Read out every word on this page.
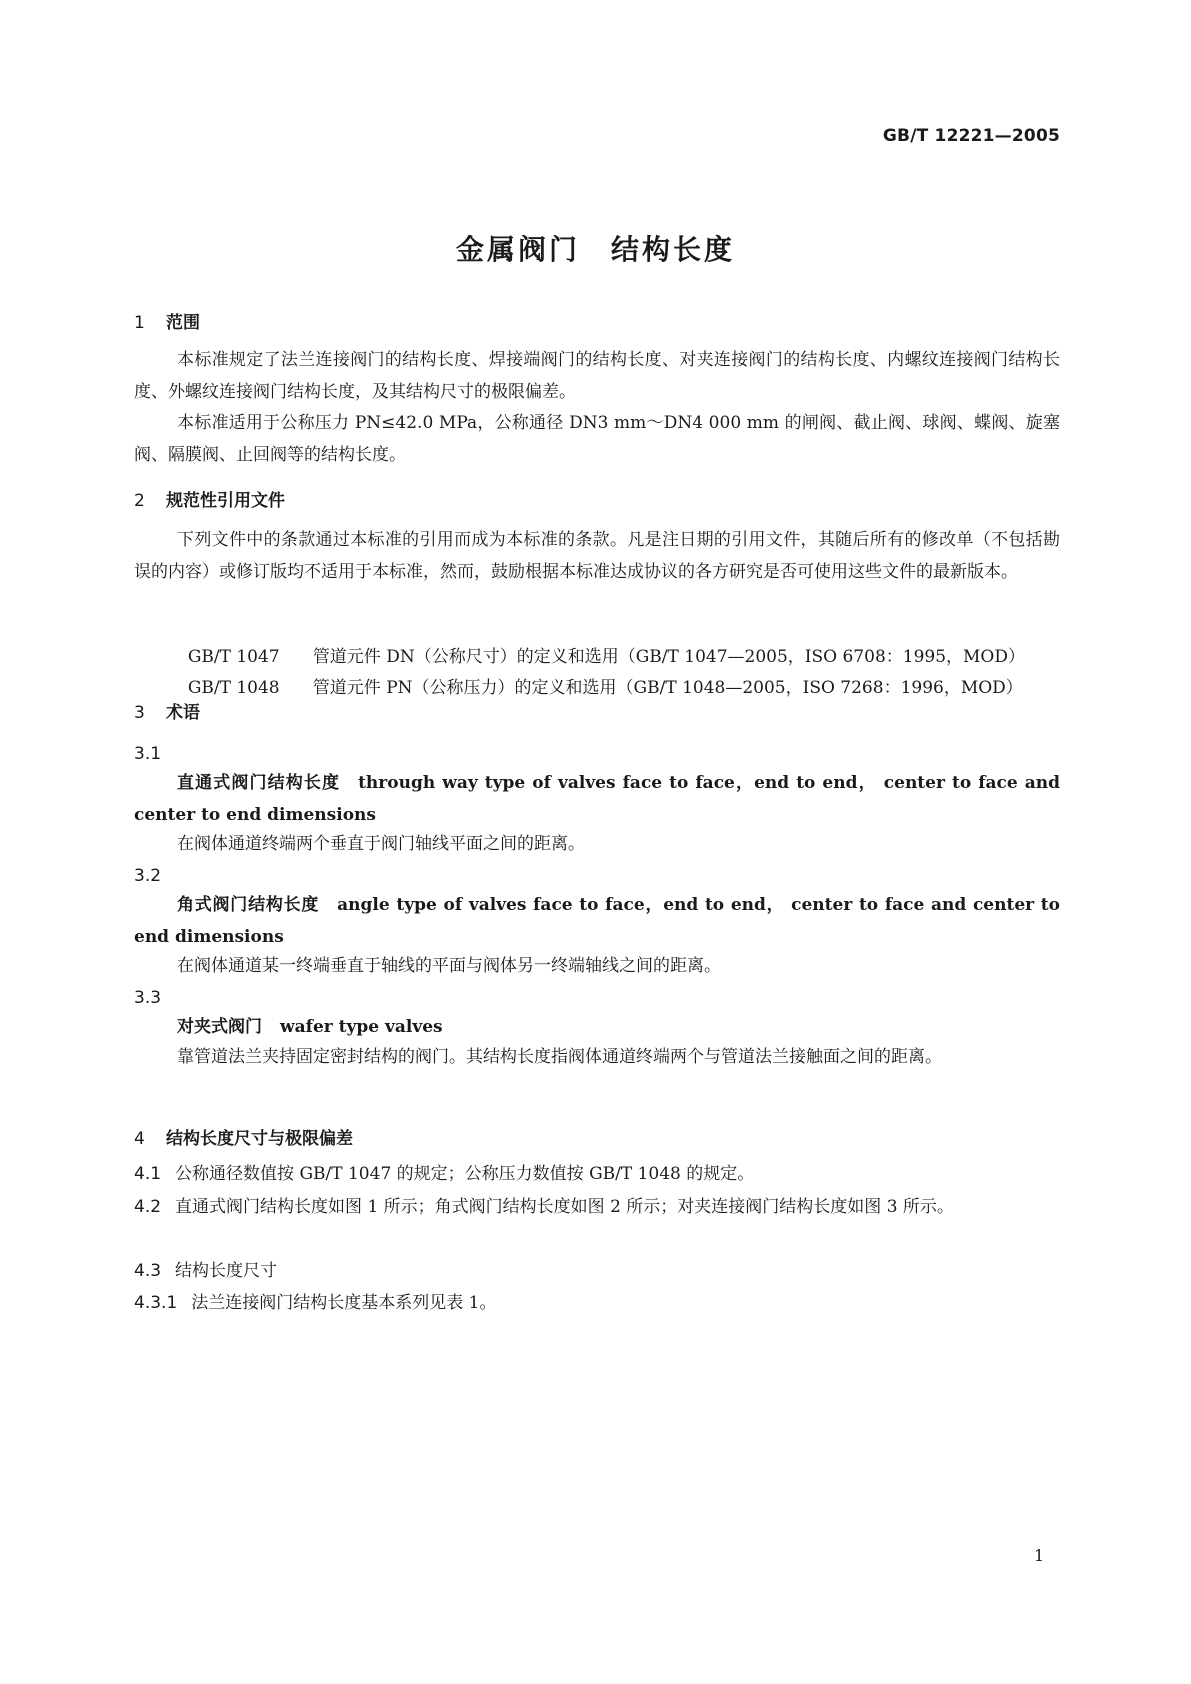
GB/T 12221—2005
金属阀门　结构长度
1 范围
本标准规定了法兰连接阀门的结构长度、焊接端阀门的结构长度、对夹连接阀门的结构长度、内螺纹连接阀门结构长度、外螺纹连接阀门结构长度，及其结构尺寸的极限偏差。
本标准适用于公称压力 PN≤42.0 MPa，公称通径 DN3 mm～DN4 000 mm 的闸阀、截止阀、球阀、蝶阀、旋塞阀、隔膜阀、止回阀等的结构长度。
2 规范性引用文件
下列文件中的条款通过本标准的引用而成为本标准的条款。凡是注日期的引用文件，其随后所有的修改单（不包括勘误的内容）或修订版均不适用于本标准，然而，鼓励根据本标准达成协议的各方研究是否可使用这些文件的最新版本。

GB/T 1047 管道元件 DN（公称尺寸）的定义和选用（GB/T 1047—2005，ISO 6708：1995，MOD）

GB/T 1048 管道元件 PN（公称压力）的定义和选用（GB/T 1048—2005，ISO 7268：1996，MOD）

3 术语
3.1
直通式阀门结构长度 through way type of valves face to face，end to end， center to face and center to end dimensions
在阀体通道终端两个垂直于阀门轴线平面之间的距离。
3.2
角式阀门结构长度 angle type of valves face to face，end to end， center to face and center to end dimensions
在阀体通道某一终端垂直于轴线的平面与阀体另一终端轴线之间的距离。
3.3
对夹式阀门 wafer type valves
靠管道法兰夹持固定密封结构的阀门。其结构长度指阀体通道终端两个与管道法兰接触面之间的距离。
4 结构长度尺寸与极限偏差
4.1 公称通径数值按 GB/T 1047 的规定；公称压力数值按 GB/T 1048 的规定。
4.2 直通式阀门结构长度如图 1 所示；角式阀门结构长度如图 2 所示；对夹连接阀门结构长度如图 3 所示。
4.3 结构长度尺寸
4.3.1 法兰连接阀门结构长度基本系列见表 1。
1
